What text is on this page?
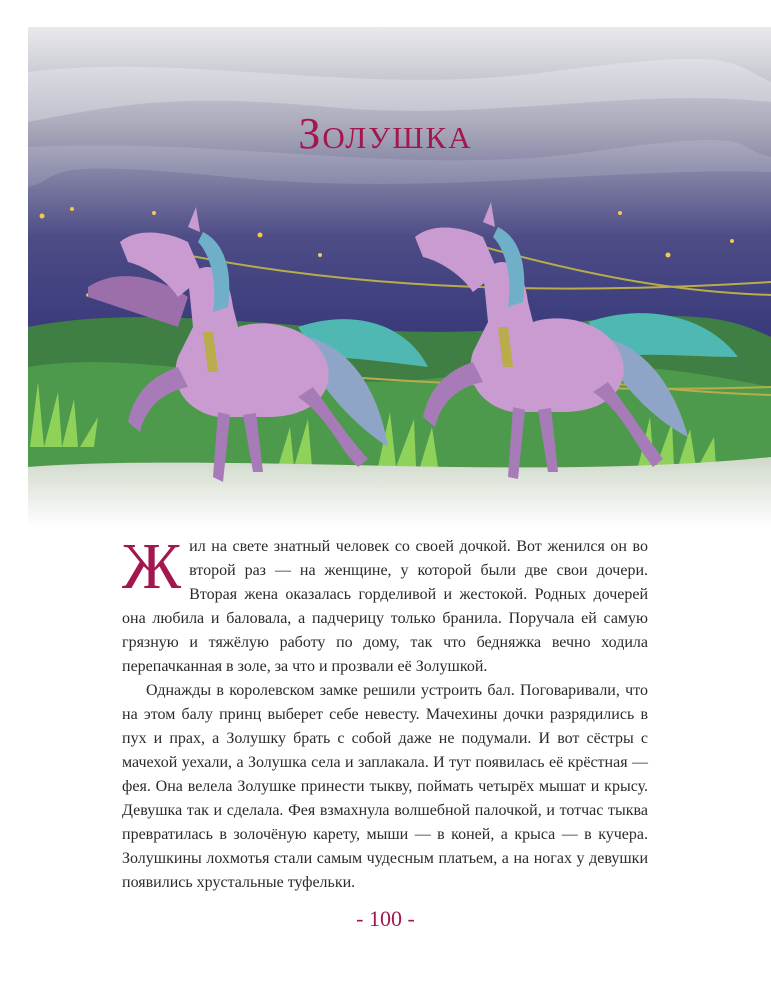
Золушка

Жил на свете знатный человек со своей дочкой. Вот женился он во второй раз — на женщине, у которой были две свои дочери. Вторая жена оказалась горделивой и жестокой. Родных дочерей она любила и баловала, а падчерицу только бранила. Поручала ей самую грязную и тяжёлую работу по дому, так что бедняжка вечно ходила перепачканная в золе, за что и прозвали её Золушкой.

Однажды в королевском замке решили устроить бал. Поговаривали, что на этом балу принц выберет себе невесту. Мачехины дочки разрядились в пух и прах, а Золушку брать с собой даже не подумали. И вот сёстры с мачехой уехали, а Золушка села и заплакала. И тут появилась её крёстная — фея. Она велела Золушке принести тыкву, поймать четырёх мышат и крысу. Девушка так и сделала. Фея взмахнула волшебной палочкой, и тотчас тыква превратилась в золочёную карету, мыши — в коней, а крыса — в кучера. Золушкины лохмотья стали самым чудесным платьем, а на ногах у девушки появились хрустальные туфельки.

- 100 -
